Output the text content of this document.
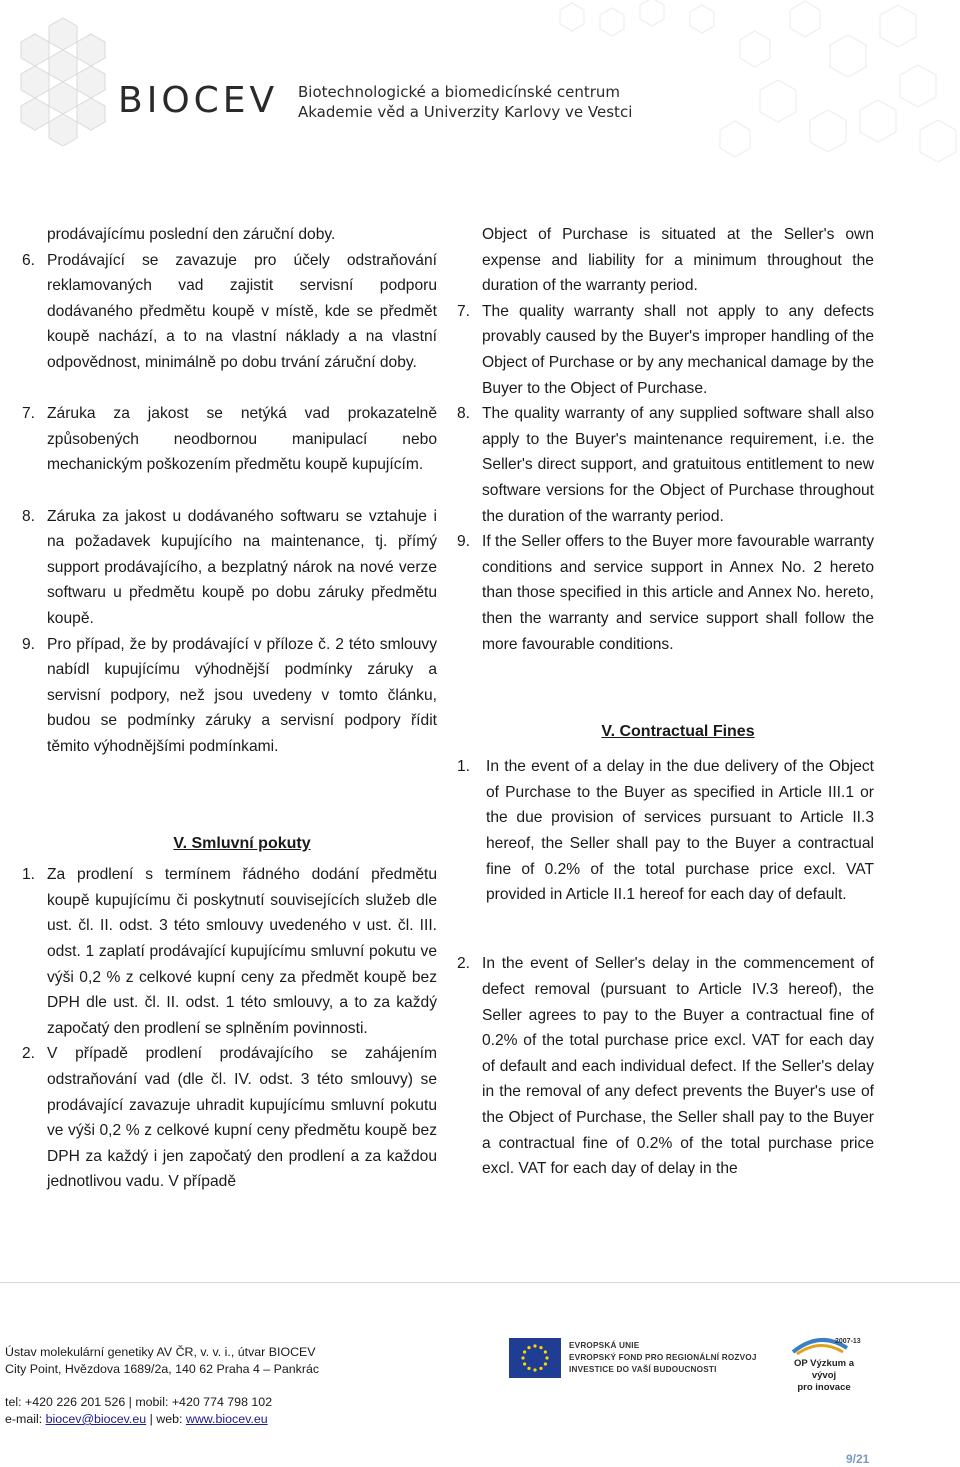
BIOCEV Biotechnologické a biomedicínské centrum
Akademie věd a Univerzity Karlovy ve Vestci

prodávajícímu poslední den záruční doby.

6. Prodávající se zavazuje pro účely odstraňování reklamovaných vad zajistit servisní podporu dodávaného předmětu koupě v místě, kde se předmět koupě nachází, a to na vlastní náklady a na vlastní odpovědnost, minimálně po dobu trvání záruční doby.
7. Záruka za jakost se netýká vad prokazatelně způsobených neodbornou manipulací nebo mechanickým poškozením předmětu koupě kupujícím.
8. Záruka za jakost u dodávaného softwaru se vztahuje i na požadavek kupujícího na maintenance, tj. přímý support prodávajícího, a bezplatný nárok na nové verze softwaru u předmětu koupě po dobu záruky předmětu koupě.
9. Pro případ, že by prodávající v příloze č. 2 této smlouvy nabídl kupujícímu výhodnější podmínky záruky a servisní podpory, než jsou uvedeny v tomto článku, budou se podmínky záruky a servisní podpory řídit těmito výhodnějšími podmínkami.
V. Smluvní pokuty
1. Za prodlení s termínem řádného dodání předmětu koupě kupujícímu či poskytnutí souvisejících služeb dle ust. čl. II. odst. 3 této smlouvy uvedeného v ust. čl. III. odst. 1 zaplatí prodávající kupujícímu smluvní pokutu ve výši 0,2 % z celkové kupní ceny za předmět koupě bez DPH dle ust. čl. II. odst. 1 této smlouvy, a to za každý započatý den prodlení se splněním povinnosti.
2. V případě prodlení prodávajícího se zahájením odstraňování vad (dle čl. IV. odst. 3 této smlouvy) se prodávající zavazuje uhradit kupujícímu smluvní pokutu ve výši 0,2 % z celkové kupní ceny předmětu koupě bez DPH za každý i jen započatý den prodlení a za každou jednotlivou vadu. V případě

Object of Purchase is situated at the Seller's own expense and liability for a minimum throughout the duration of the warranty period.

7. The quality warranty shall not apply to any defects provably caused by the Buyer's improper handling of the Object of Purchase or by any mechanical damage by the Buyer to the Object of Purchase.
8. The quality warranty of any supplied software shall also apply to the Buyer's maintenance requirement, i.e. the Seller's direct support, and gratuitous entitlement to new software versions for the Object of Purchase throughout the duration of the warranty period.
9. If the Seller offers to the Buyer more favourable warranty conditions and service support in Annex No. 2 hereto than those specified in this article and Annex No. hereto, then the warranty and service support shall follow the more favourable conditions.
V. Contractual Fines
1. In the event of a delay in the due delivery of the Object of Purchase to the Buyer as specified in Article III.1 or the due provision of services pursuant to Article II.3 hereof, the Seller shall pay to the Buyer a contractual fine of 0.2% of the total purchase price excl. VAT provided in Article II.1 hereof for each day of default.
2. In the event of Seller's delay in the commencement of defect removal (pursuant to Article IV.3 hereof), the Seller agrees to pay to the Buyer a contractual fine of 0.2% of the total purchase price excl. VAT for each day of default and each individual defect. If the Seller's delay in the removal of any defect prevents the Buyer's use of the Object of Purchase, the Seller shall pay to the Buyer a contractual fine of 0.2% of the total purchase price excl. VAT for each day of delay in the
Ústav molekulární genetiky AV ČR, v. v. i., útvar BIOCEV
City Point, Hvězdova 1689/2a, 140 62 Praha 4 – Pankrác
tel: +420 226 201 526 | mobil: +420 774 798 102
e-mail: biocev@biocev.eu | web: www.biocev.eu
EVROPSKÁ UNIE
EVROPSKÝ FOND PRO REGIONÁLNÍ ROZVOJ
INVESTICE DO VAŠÍ BUDOUCNOSTI
2007-13
OP Výzkum a vývoj
pro inovace
9/21
